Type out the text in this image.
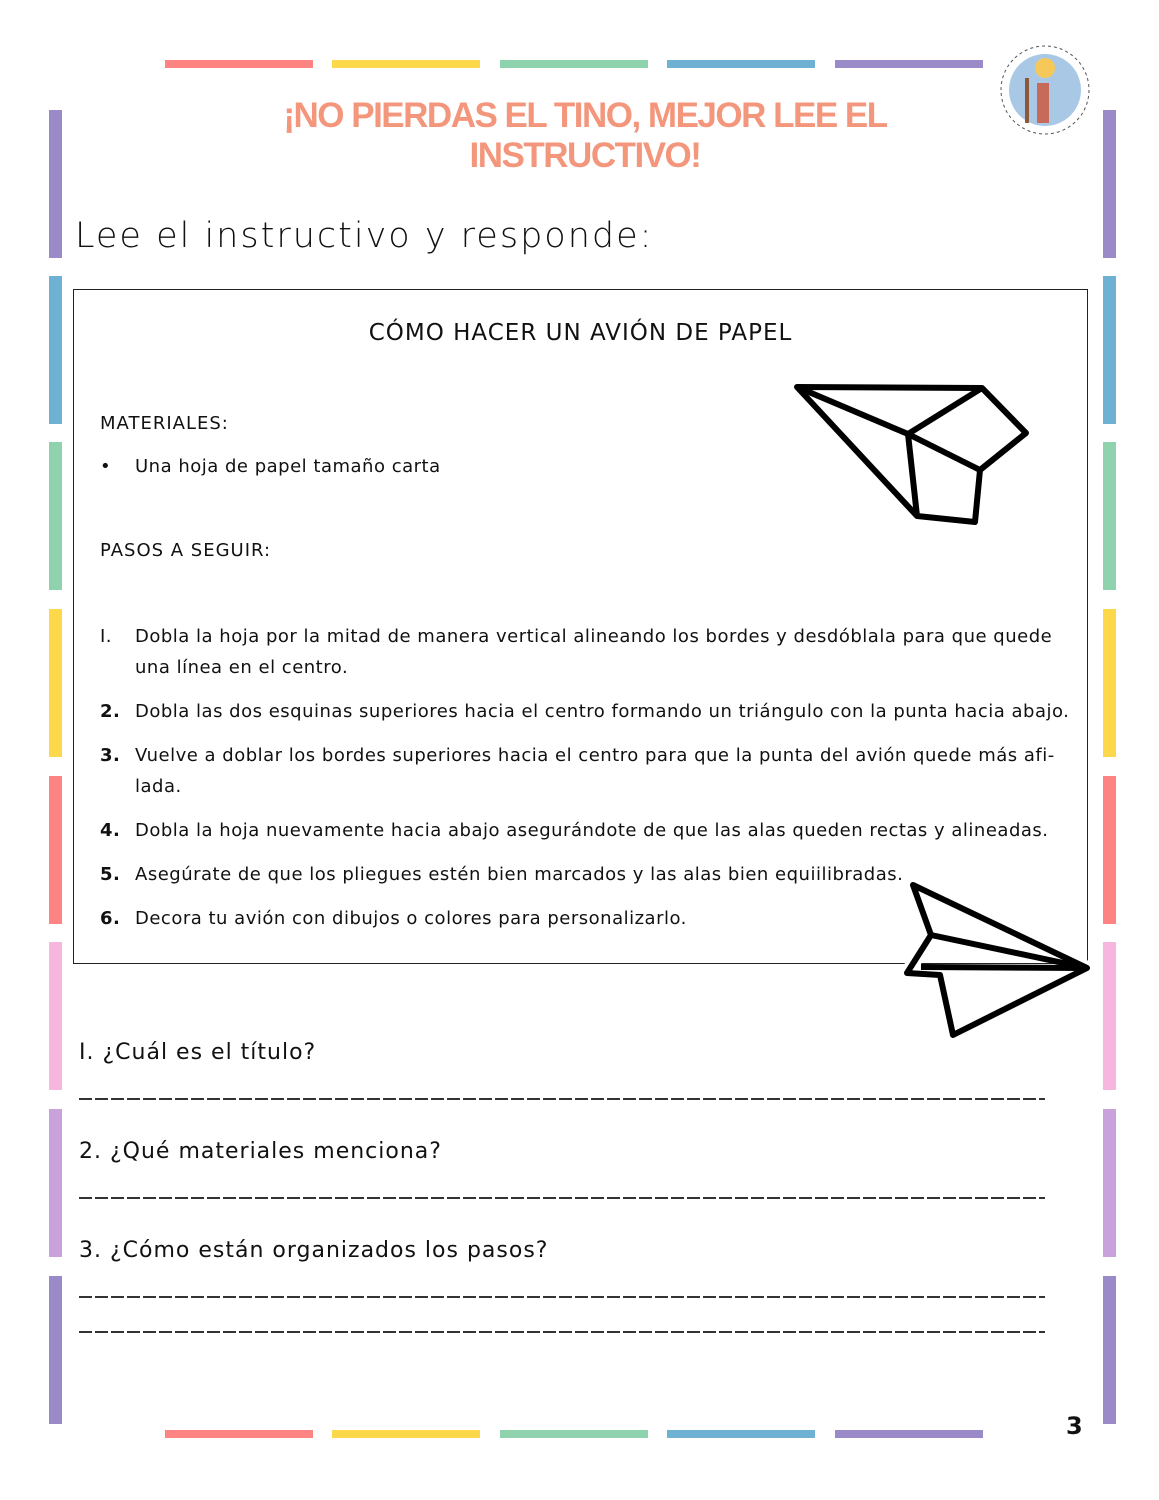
¡NO PIERDAS EL TINO, MEJOR LEE EL INSTRUCTIVO!
Lee el instructivo y responde:
CÓMO HACER UN AVIÓN DE PAPEL
MATERIALES:
•	Una hoja de papel tamaño carta
PASOS A SEGUIR:
I.	Dobla la hoja por la mitad de manera vertical alineando los bordes y desdóblala para que quede una línea en el centro.
2. Dobla las dos esquinas superiores hacia el centro formando un triángulo con la punta hacia abajo.
3. Vuelve a doblar los bordes superiores hacia el centro para que la punta del avión quede más afi-lada.
4. Dobla la hoja nuevamente hacia abajo asegurándote de que las alas queden rectas y alineadas.
5. Asegúrate de que los pliegues estén bien marcados y las alas bien equiilibradas.
6. Decora tu avión con dibujos o colores para personalizarlo.
I. ¿Cuál es el título?
2. ¿Qué materiales menciona?
3. ¿Cómo están organizados los pasos?
3
